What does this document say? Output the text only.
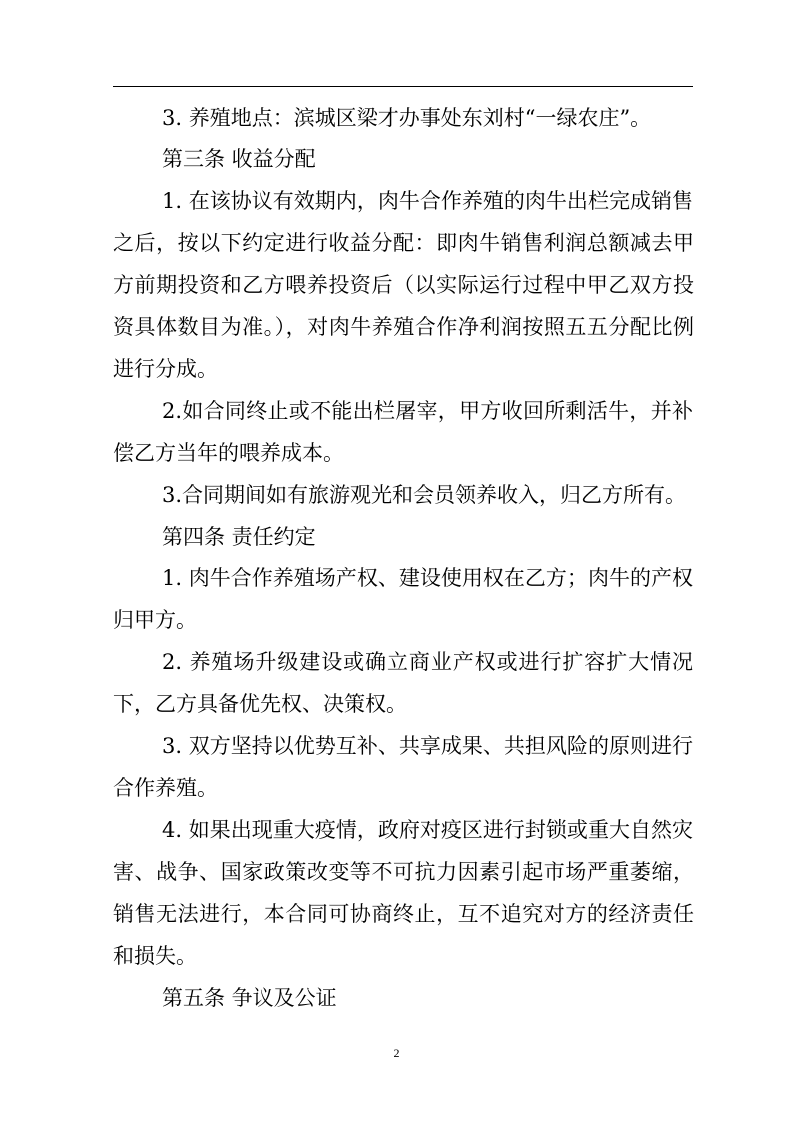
3. 养殖地点：滨城区梁才办事处东刘村“一绿农庄”。
第三条 收益分配
1. 在该协议有效期内，肉牛合作养殖的肉牛出栏完成销售
之后，按以下约定进行收益分配：即肉牛销售利润总额减去甲
方前期投资和乙方喂养投资后（以实际运行过程中甲乙双方投
资具体数目为准。），对肉牛养殖合作净利润按照五五分配比例
进行分成。
2.如合同终止或不能出栏屠宰，甲方收回所剩活牛，并补
偿乙方当年的喂养成本。
3.合同期间如有旅游观光和会员领养收入，归乙方所有。
第四条 责任约定
1. 肉牛合作养殖场产权、建设使用权在乙方；肉牛的产权
归甲方。
2. 养殖场升级建设或确立商业产权或进行扩容扩大情况
下，乙方具备优先权、决策权。
3. 双方坚持以优势互补、共享成果、共担风险的原则进行
合作养殖。
4. 如果出现重大疫情，政府对疫区进行封锁或重大自然灾
害、战争、国家政策改变等不可抗力因素引起市场严重萎缩，
销售无法进行，本合同可协商终止，互不追究对方的经济责任
和损失。
第五条 争议及公证
2
